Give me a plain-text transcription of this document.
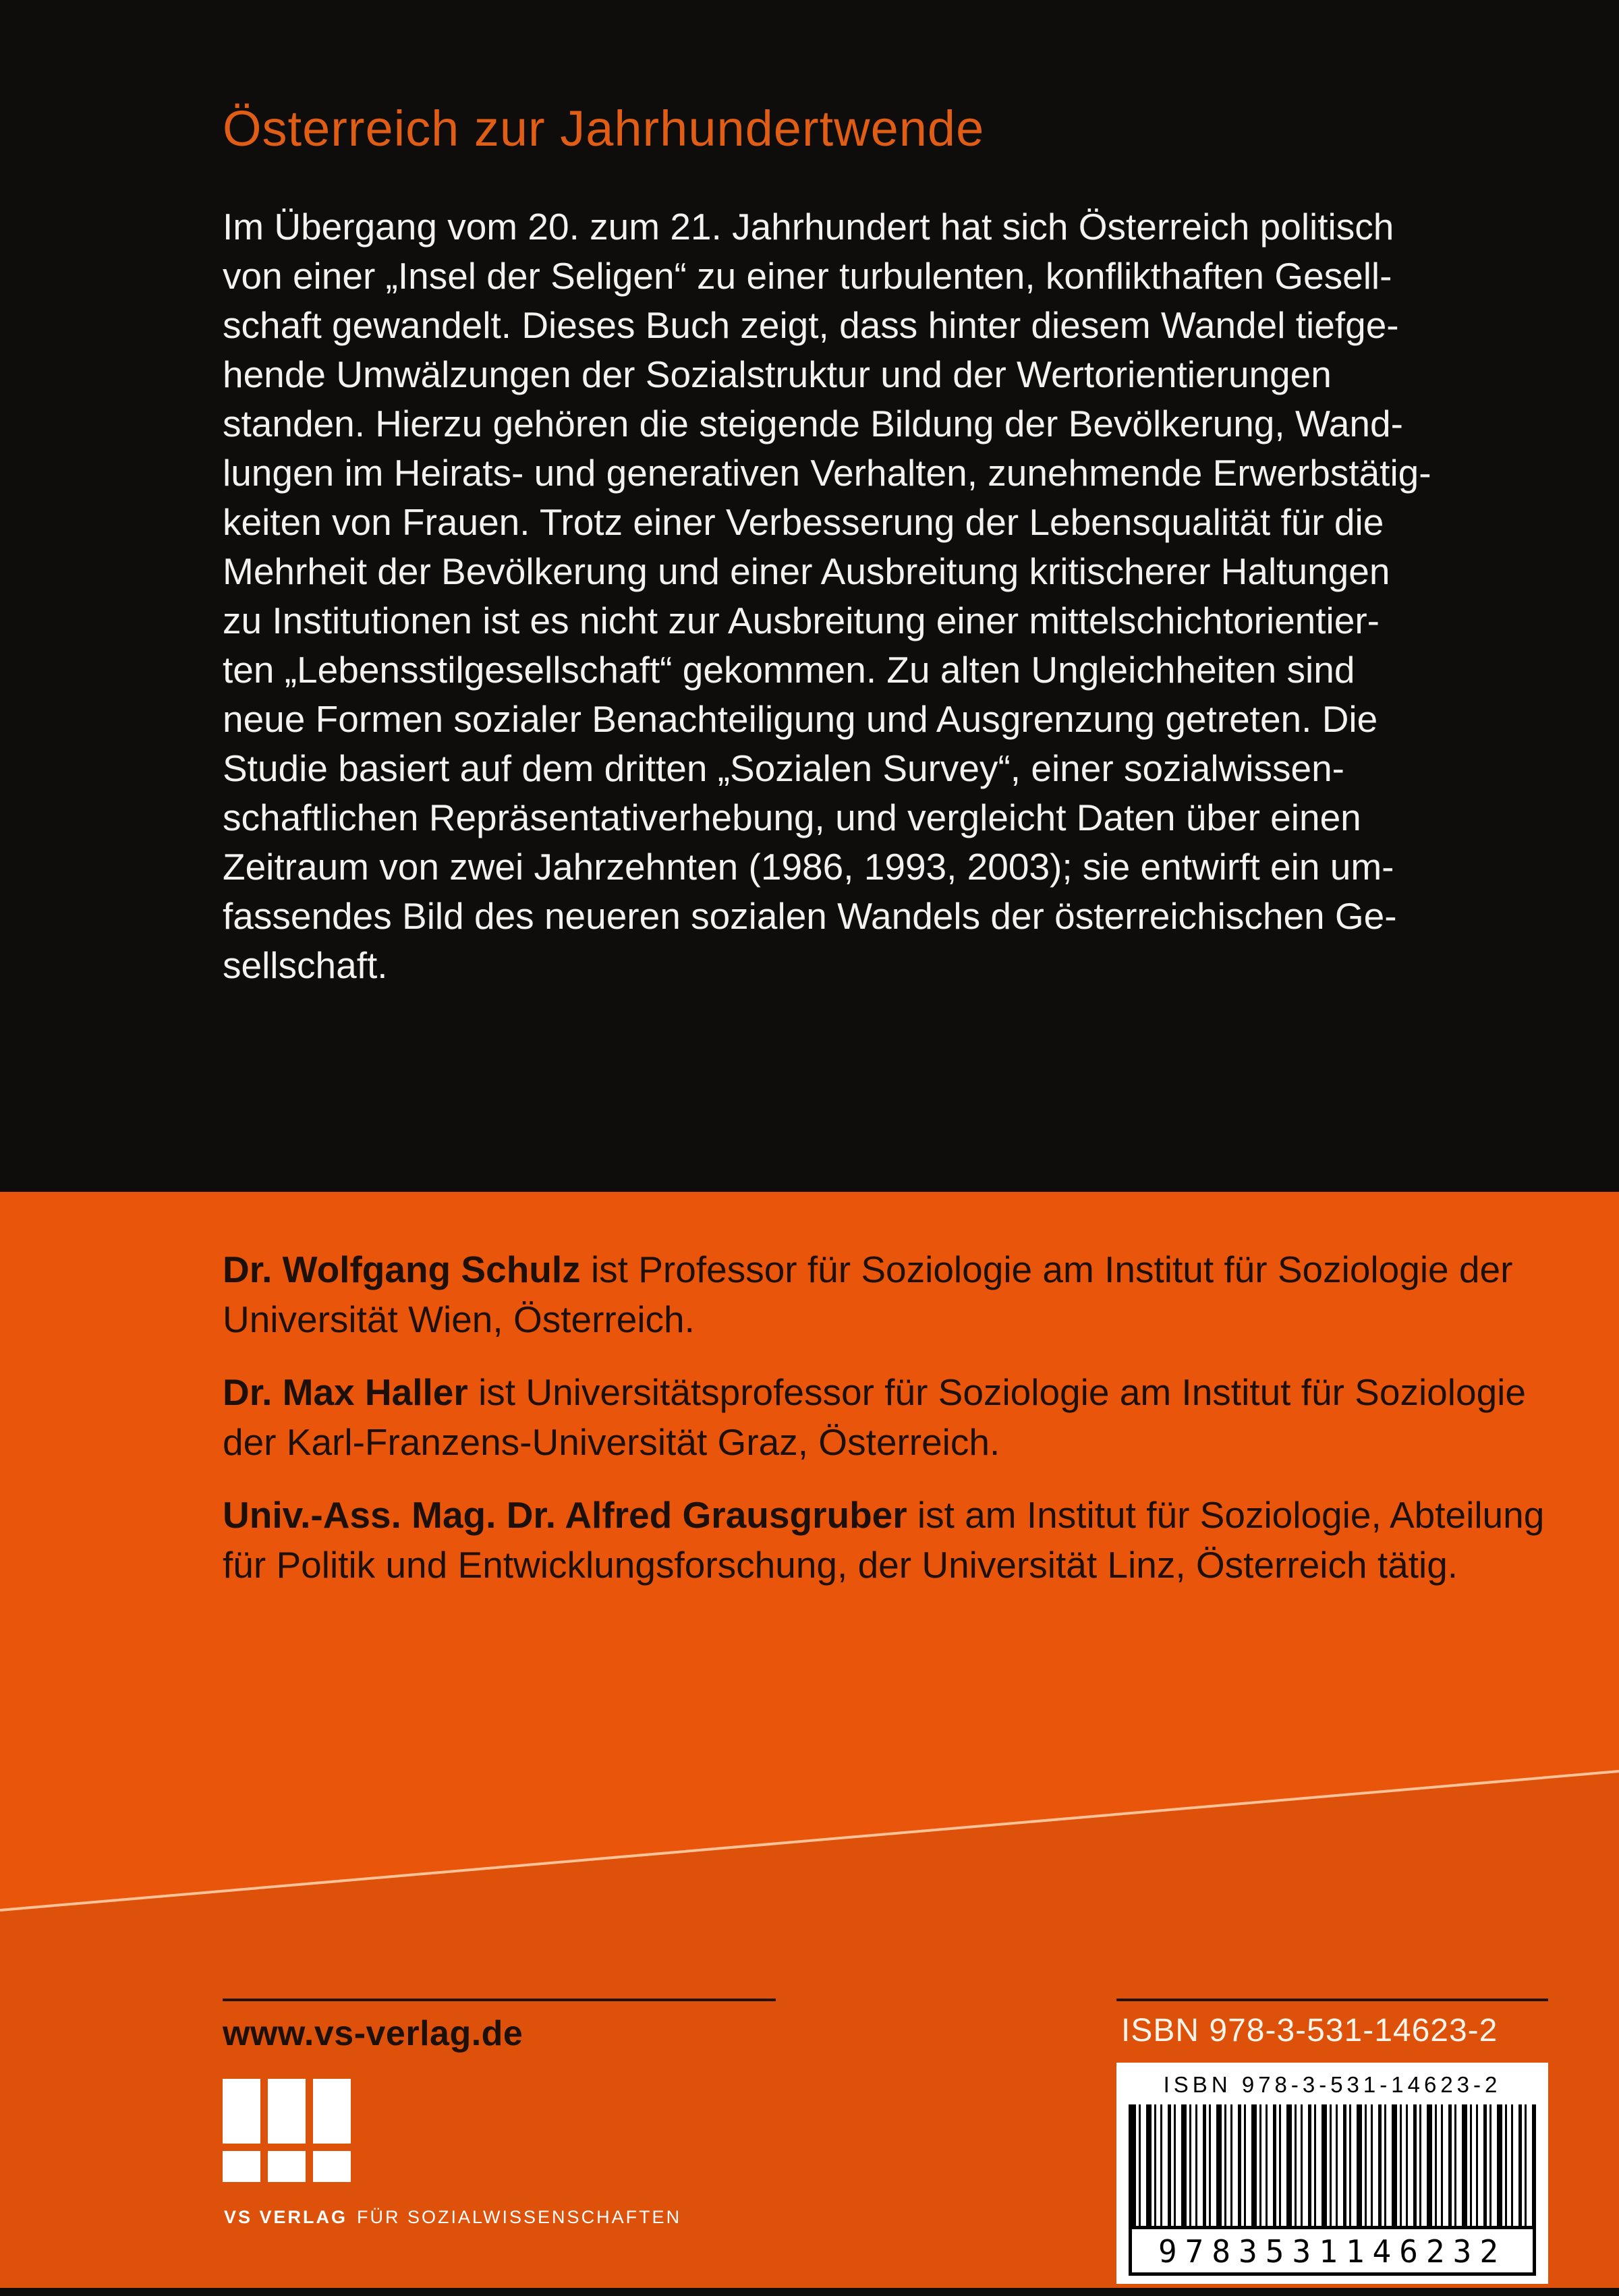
Österreich zur Jahrhundertwende
Im Übergang vom 20. zum 21. Jahrhundert hat sich Österreich politisch
von einer „Insel der Seligen“ zu einer turbulenten, konflikthaften Gesell-
schaft gewandelt. Dieses Buch zeigt, dass hinter diesem Wandel tiefge-
hende Umwälzungen der Sozialstruktur und der Wertorientierungen
standen. Hierzu gehören die steigende Bildung der Bevölkerung, Wand-
lungen im Heirats- und generativen Verhalten, zunehmende Erwerbstätig-
keiten von Frauen. Trotz einer Verbesserung der Lebensqualität für die
Mehrheit der Bevölkerung und einer Ausbreitung kritischerer Haltungen
zu Institutionen ist es nicht zur Ausbreitung einer mittelschichtorientier-
ten „Lebensstilgesellschaft“ gekommen. Zu alten Ungleichheiten sind
neue Formen sozialer Benachteiligung und Ausgrenzung getreten. Die
Studie basiert auf dem dritten „Sozialen Survey“, einer sozialwissen-
schaftlichen Repräsentativerhebung, und vergleicht Daten über einen
Zeitraum von zwei Jahrzehnten (1986, 1993, 2003); sie entwirft ein um-
fassendes Bild des neueren sozialen Wandels der österreichischen Ge-
sellschaft.

Dr. Wolfgang Schulz ist Professor für Soziologie am Institut für Soziologie der Universität Wien, Österreich.

Dr. Max Haller ist Universitätsprofessor für Soziologie am Institut für Soziologie der Karl-Franzens-Universität Graz, Österreich.

Univ.-Ass. Mag. Dr. Alfred Grausgruber ist am Institut für Soziologie, Abteilung für Politik und Entwicklungsforschung, der Universität Linz, Österreich tätig.

www.vs-verlag.de	ISBN 978-3-531-14623-2
ISBN 978-3-531-14623-2
9783531146232
VS VERLAG FÜR SOZIALWISSENSCHAFTEN
